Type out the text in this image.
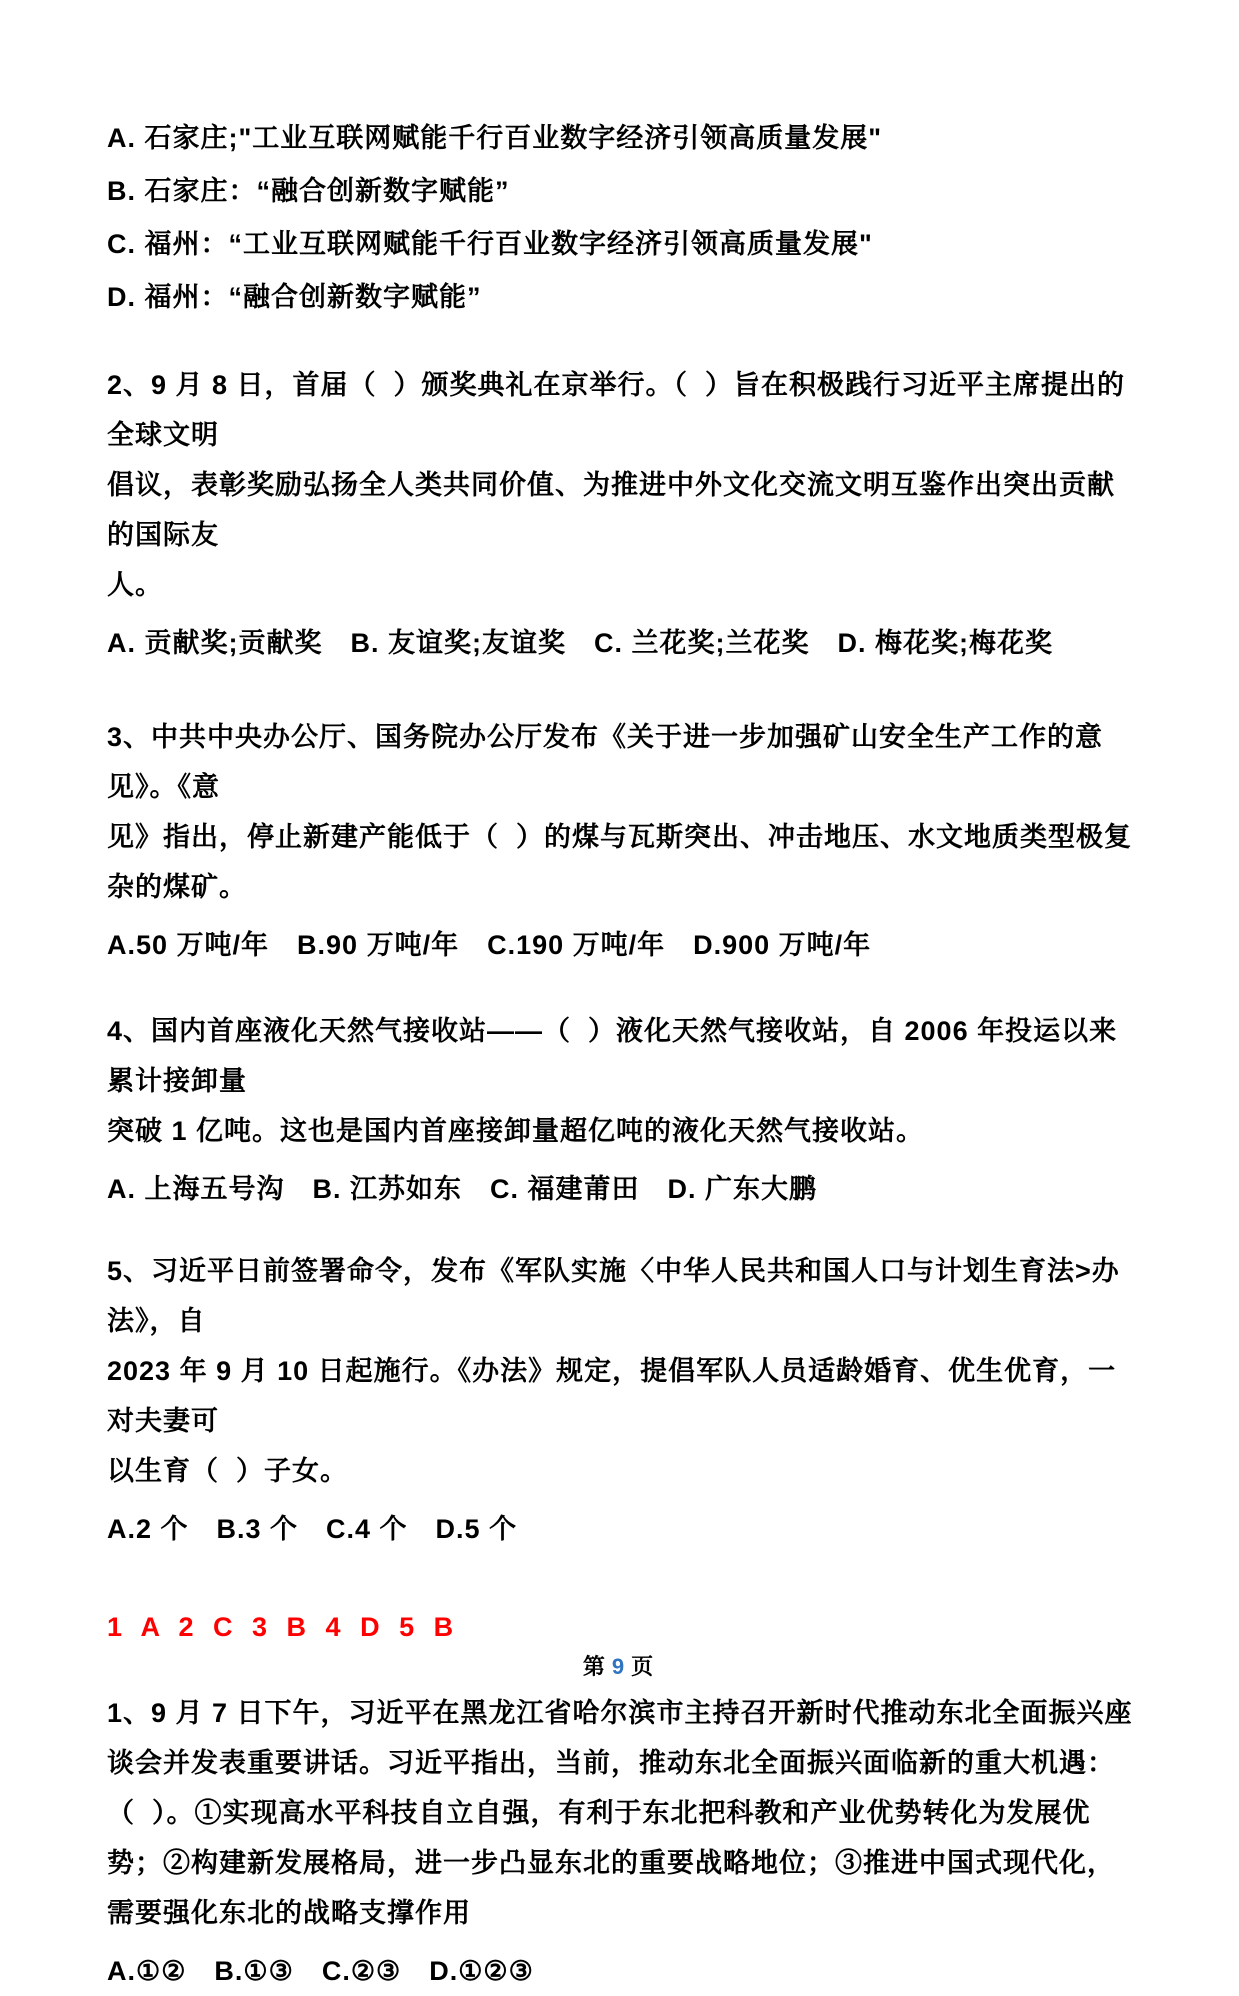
A. 石家庄;"工业互联网赋能千行百业数字经济引领高质量发展"
B. 石家庄：“融合创新数字赋能”
C. 福州：“工业互联网赋能千行百业数字经济引领高质量发展"
D. 福州：“融合创新数字赋能”
2、9 月 8 日，首届（  ）颁奖典礼在京举行。（  ）旨在积极践行习近平主席提出的全球文明
倡议，表彰奖励弘扬全人类共同价值、为推进中外文化交流文明互鉴作出突出贡献的国际友
人。
A. 贡献奖;贡献奖　B. 友谊奖;友谊奖　C. 兰花奖;兰花奖　D. 梅花奖;梅花奖
3、中共中央办公厅、国务院办公厅发布《关于进一步加强矿山安全生产工作的意见》。《意
见》指出，停止新建产能低于（  ）的煤与瓦斯突出、冲击地压、水文地质类型极复杂的煤矿。
A.50 万吨/年　B.90 万吨/年　C.190 万吨/年　D.900 万吨/年
4、国内首座液化天然气接收站——（  ）液化天然气接收站，自 2006 年投运以来累计接卸量
突破 1 亿吨。这也是国内首座接卸量超亿吨的液化天然气接收站。
A. 上海五号沟　B. 江苏如东　C. 福建莆田　D. 广东大鹏
5、习近平日前签署命令，发布《军队实施〈中华人民共和国人口与计划生育法>办法》，自
2023 年 9 月 10 日起施行。《办法》规定，提倡军队人员适龄婚育、优生优育，一对夫妻可
以生育（  ）子女。
A.2 个　B.3 个　C.4 个　D.5 个
1 A 2 C 3 B 4 D 5 B
1、9 月 7 日下午，习近平在黑龙江省哈尔滨市主持召开新时代推动东北全面振兴座
谈会并发表重要讲话。习近平指出，当前，推动东北全面振兴面临新的重大机遇：
（  ）。①实现高水平科技自立自强，有利于东北把科教和产业优势转化为发展优
势；②构建新发展格局，进一步凸显东北的重要战略地位；③推进中国式现代化，
需要强化东北的战略支撑作用
A.①②　B.①③　C.②③　D.①②③
第 9 页
